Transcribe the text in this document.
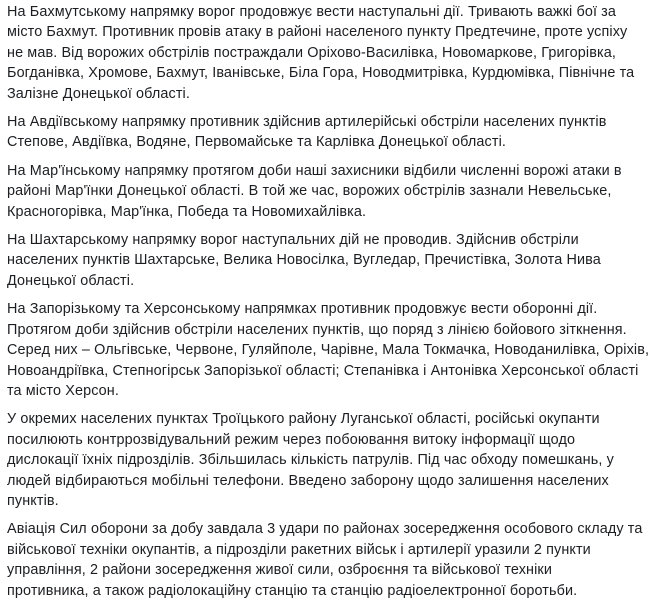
На Бахмутському напрямку ворог продовжує вести наступальні дії. Тривають важкі бої за
місто Бахмут. Противник провів атаку в районі населеного пункту Предтечине, проте успіху
не мав. Від ворожих обстрілів постраждали Оріхово-Василівка, Новомаркове, Григорівка,
Богданівка, Хромове, Бахмут, Іванівське, Біла Гора, Новодмитрівка, Курдюмівка, Північне та
Залізне Донецької області.

На Авдіївському напрямку противник здійснив артилерійські обстріли населених пунктів
Степове, Авдіївка, Водяне, Первомайське та Карлівка Донецької області.

На Мар'їнському напрямку протягом доби наші захисники відбили численні ворожі атаки в
районі Мар'їнки Донецької області. В той же час, ворожих обстрілів зазнали Невельське,
Красногорівка, Мар'їнка, Победа та Новомихайлівка.

На Шахтарському напрямку ворог наступальних дій не проводив. Здійснив обстріли
населених пунктів Шахтарське, Велика Новосілка, Вугледар, Пречистівка, Золота Нива
Донецької області.

На Запорізькому та Херсонському напрямках противник продовжує вести оборонні дії.
Протягом доби здійснив обстріли населених пунктів, що поряд з лінією бойового зіткнення.
Серед них – Ольгівське, Червоне, Гуляйполе, Чарівне, Мала Токмачка, Новоданилівка, Оріхів,
Новоандріївка, Степногірськ Запорізької області; Степанівка і Антонівка Херсонської області
та місто Херсон.

У окремих населених пунктах Троїцького району Луганської області, російські окупанти
посилюють контррозвідувальний режим через побоювання витоку інформації щодо
дислокації їхніх підрозділів. Збільшилась кількість патрулів. Під час обходу помешкань, у
людей відбираються мобільні телефони. Введено заборону щодо залишення населених
пунктів.

Авіація Сил оборони за добу завдала 3 удари по районах зосередження особового складу та
військової техніки окупантів, а підрозділи ракетних військ і артилерії уразили 2 пункти
управління, 2 райони зосередження живої сили, озброєння та військової техніки
противника, а також радіолокаційну станцію та станцію радіоелектронної боротьби.
